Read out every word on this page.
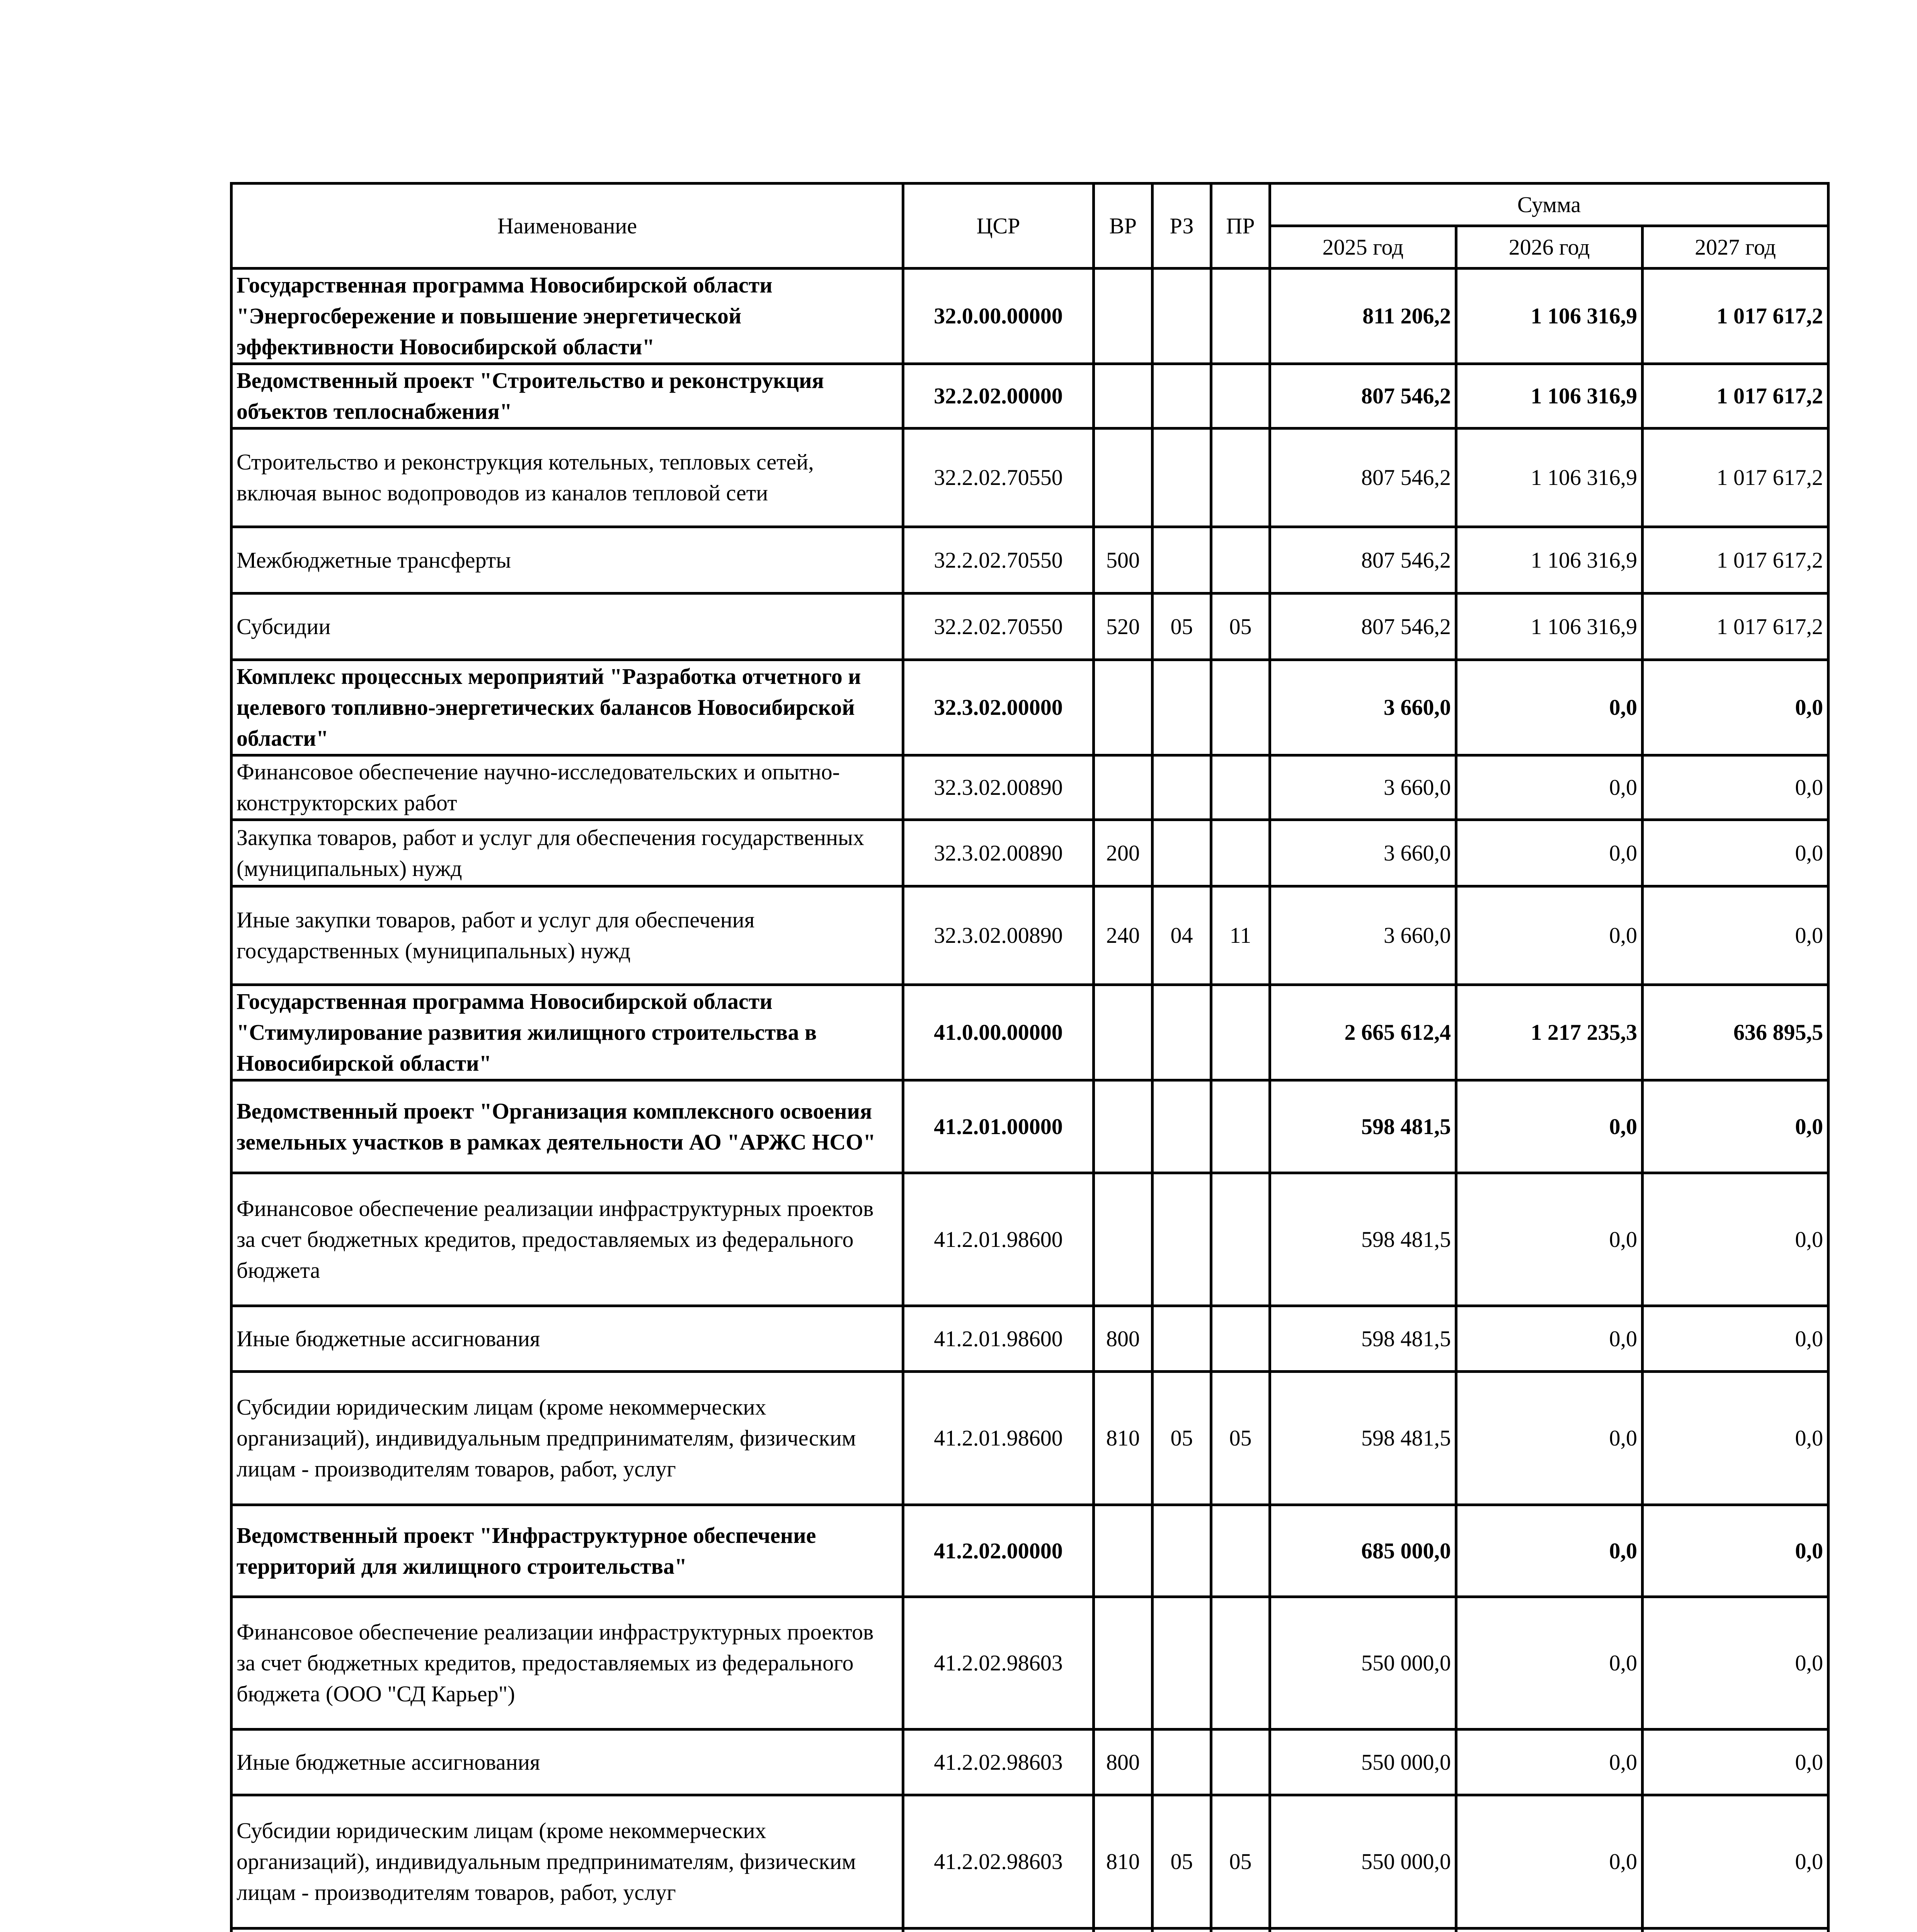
Наименование	ЦСР	ВР	РЗ	ПР	Сумма		
					2025 год	2026 год	2027 год
Государственная программа Новосибирской области "Энергосбережение и повышение энергетической эффективности Новосибирской области"	32.0.00.00000				811 206,2	1 106 316,9	1 017 617,2
Ведомственный проект "Строительство и реконструкция объектов теплоснабжения"	32.2.02.00000				807 546,2	1 106 316,9	1 017 617,2
Строительство и реконструкция котельных, тепловых сетей, включая вынос водопроводов из каналов тепловой сети	32.2.02.70550				807 546,2	1 106 316,9	1 017 617,2
Межбюджетные трансферты	32.2.02.70550	500			807 546,2	1 106 316,9	1 017 617,2
Субсидии	32.2.02.70550	520	05	05	807 546,2	1 106 316,9	1 017 617,2
Комплекс процессных мероприятий "Разработка отчетного и целевого топливно-энергетических балансов Новосибирской области"	32.3.02.00000				3 660,0	0,0	0,0
Финансовое обеспечение научно-исследовательских и опытно-конструкторских работ	32.3.02.00890				3 660,0	0,0	0,0
Закупка товаров, работ и услуг для обеспечения государственных (муниципальных) нужд	32.3.02.00890	200			3 660,0	0,0	0,0
Иные закупки товаров, работ и услуг для обеспечения государственных (муниципальных) нужд	32.3.02.00890	240	04	11	3 660,0	0,0	0,0
Государственная программа Новосибирской области "Стимулирование развития жилищного строительства в Новосибирской области"	41.0.00.00000				2 665 612,4	1 217 235,3	636 895,5
Ведомственный проект "Организация комплексного освоения земельных участков в рамках деятельности АО "АРЖС НСО"	41.2.01.00000				598 481,5	0,0	0,0
Финансовое обеспечение реализации инфраструктурных проектов за счет бюджетных кредитов, предоставляемых из федерального бюджета	41.2.01.98600				598 481,5	0,0	0,0
Иные бюджетные ассигнования	41.2.01.98600	800			598 481,5	0,0	0,0
Субсидии юридическим лицам (кроме некоммерческих организаций), индивидуальным предпринимателям, физическим лицам - производителям товаров, работ, услуг	41.2.01.98600	810	05	05	598 481,5	0,0	0,0
Ведомственный проект "Инфраструктурное обеспечение территорий для жилищного строительства"	41.2.02.00000				685 000,0	0,0	0,0
Финансовое обеспечение реализации инфраструктурных проектов за счет бюджетных кредитов, предоставляемых из федерального бюджета (ООО "СД Карьер")	41.2.02.98603				550 000,0	0,0	0,0
Иные бюджетные ассигнования	41.2.02.98603	800			550 000,0	0,0	0,0
Субсидии юридическим лицам (кроме некоммерческих организаций), индивидуальным предпринимателям, физическим лицам - производителям товаров, работ, услуг	41.2.02.98603	810	05	05	550 000,0	0,0	0,0
